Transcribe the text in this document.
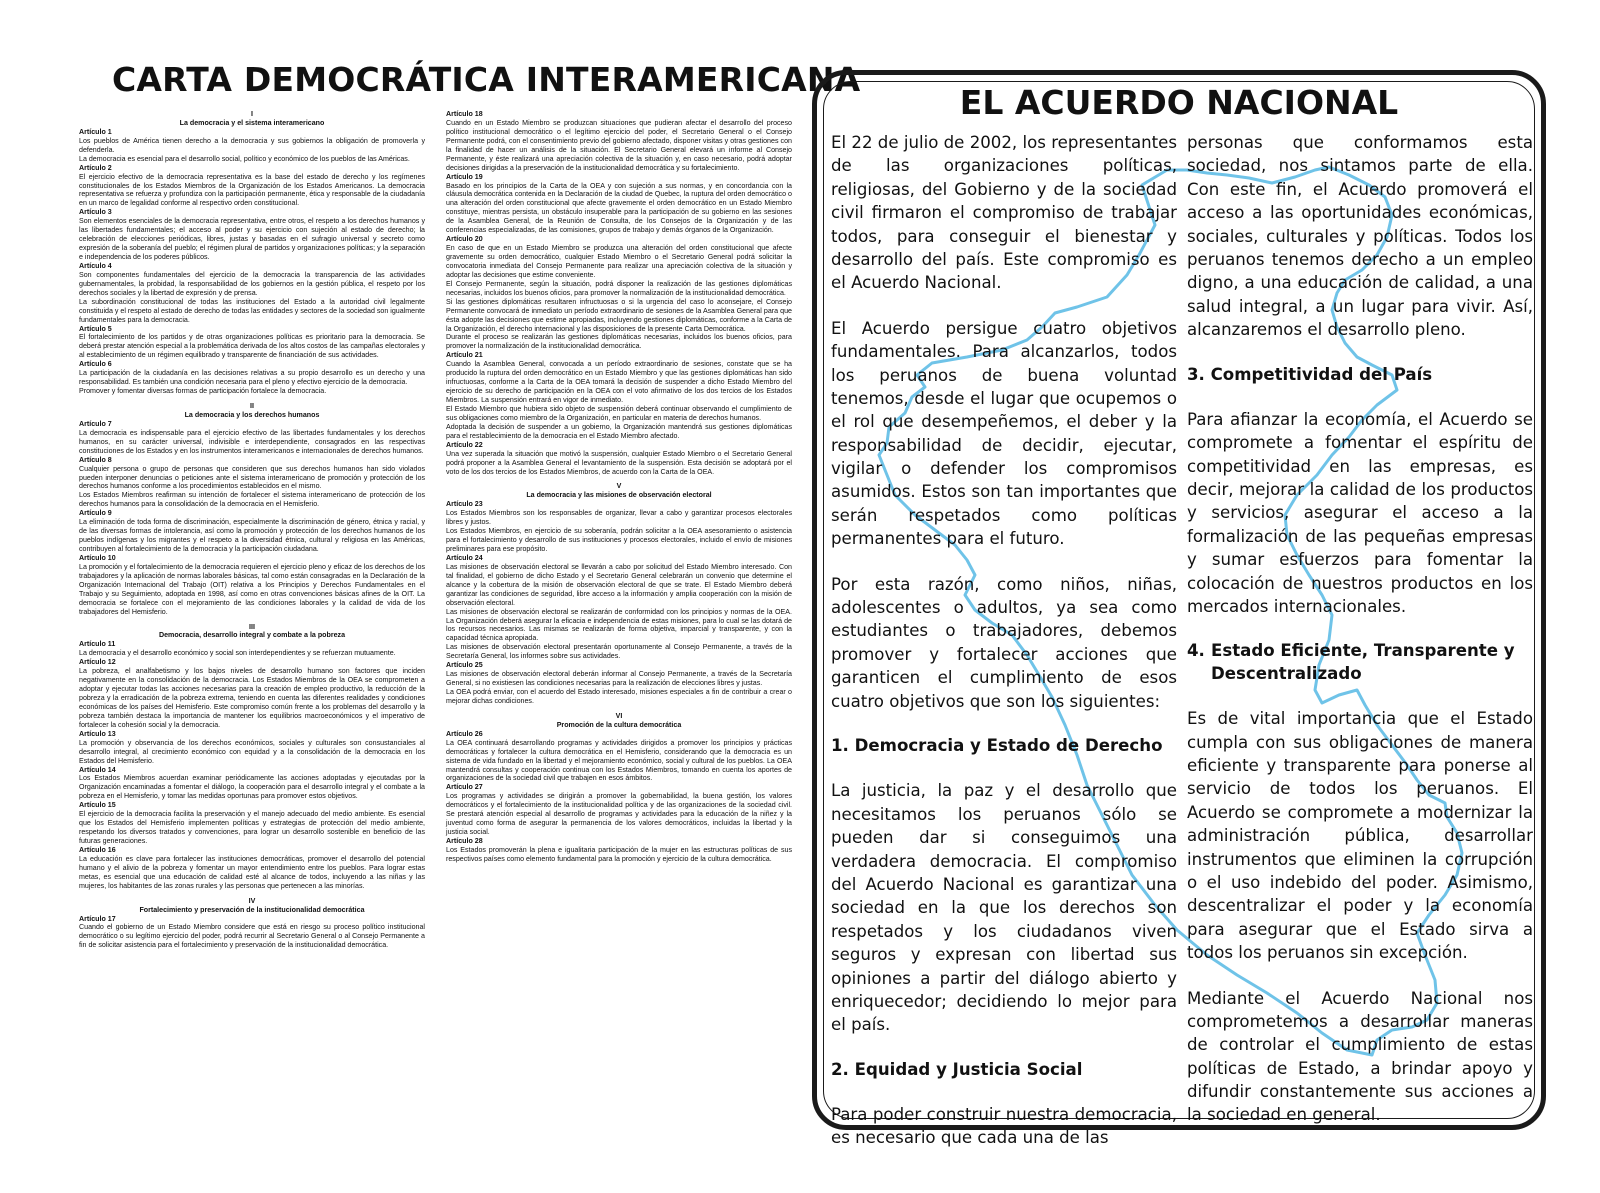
CARTA DEMOCRÁTICA INTERAMERICANA
I
La democracia y el sistema interamericano
Artículo 1

Los pueblos de América tienen derecho a la democracia y sus gobiernos la obligación de promoverla y defenderla.

La democracia es esencial para el desarrollo social, político y económico de los pueblos de las Américas.

Artículo 2

El ejercicio efectivo de la democracia representativa es la base del estado de derecho y los regímenes constitucionales de los Estados Miembros de la Organización de los Estados Americanos. La democracia representativa se refuerza y profundiza con la participación permanente, ética y responsable de la ciudadanía en un marco de legalidad conforme al respectivo orden constitucional.

Artículo 3

Son elementos esenciales de la democracia representativa, entre otros, el respeto a los derechos humanos y las libertades fundamentales; el acceso al poder y su ejercicio con sujeción al estado de derecho; la celebración de elecciones periódicas, libres, justas y basadas en el sufragio universal y secreto como expresión de la soberanía del pueblo; el régimen plural de partidos y organizaciones políticas; y la separación e independencia de los poderes públicos.

Artículo 4

Son componentes fundamentales del ejercicio de la democracia la transparencia de las actividades gubernamentales, la probidad, la responsabilidad de los gobiernos en la gestión pública, el respeto por los derechos sociales y la libertad de expresión y de prensa.

La subordinación constitucional de todas las instituciones del Estado a la autoridad civil legalmente constituida y el respeto al estado de derecho de todas las entidades y sectores de la sociedad son igualmente fundamentales para la democracia.

Artículo 5

El fortalecimiento de los partidos y de otras organizaciones políticas es prioritario para la democracia. Se deberá prestar atención especial a la problemática derivada de los altos costos de las campañas electorales y al establecimiento de un régimen equilibrado y transparente de financiación de sus actividades.

Artículo 6

La participación de la ciudadanía en las decisiones relativas a su propio desarrollo es un derecho y una responsabilidad. Es también una condición necesaria para el pleno y efectivo ejercicio de la democracia.

Promover y fomentar diversas formas de participación fortalece la democracia.

II
La democracia y los derechos humanos
Artículo 7

La democracia es indispensable para el ejercicio efectivo de las libertades fundamentales y los derechos humanos, en su carácter universal, indivisible e interdependiente, consagrados en las respectivas constituciones de los Estados y en los instrumentos interamericanos e internacionales de derechos humanos.

Artículo 8

Cualquier persona o grupo de personas que consideren que sus derechos humanos han sido violados pueden interponer denuncias o peticiones ante el sistema interamericano de promoción y protección de los derechos humanos conforme a los procedimientos establecidos en el mismo.

Los Estados Miembros reafirman su intención de fortalecer el sistema interamericano de protección de los derechos humanos para la consolidación de la democracia en el Hemisferio.

Artículo 9

La eliminación de toda forma de discriminación, especialmente la discriminación de género, étnica y racial, y de las diversas formas de intolerancia, así como la promoción y protección de los derechos humanos de los pueblos indígenas y los migrantes y el respeto a la diversidad étnica, cultural y religiosa en las Américas, contribuyen al fortalecimiento de la democracia y la participación ciudadana.

Artículo 10

La promoción y el fortalecimiento de la democracia requieren el ejercicio pleno y eficaz de los derechos de los trabajadores y la aplicación de normas laborales básicas, tal como están consagradas en la Declaración de la Organización Internacional del Trabajo (OIT) relativa a los Principios y Derechos Fundamentales en el Trabajo y su Seguimiento, adoptada en 1998, así como en otras convenciones básicas afines de la OIT. La democracia se fortalece con el mejoramiento de las condiciones laborales y la calidad de vida de los trabajadores del Hemisferio.

III
Democracia, desarrollo integral y combate a la pobreza
Artículo 11

La democracia y el desarrollo económico y social son interdependientes y se refuerzan mutuamente.

Artículo 12

La pobreza, el analfabetismo y los bajos niveles de desarrollo humano son factores que inciden negativamente en la consolidación de la democracia. Los Estados Miembros de la OEA se comprometen a adoptar y ejecutar todas las acciones necesarias para la creación de empleo productivo, la reducción de la pobreza y la erradicación de la pobreza extrema, teniendo en cuenta las diferentes realidades y condiciones económicas de los países del Hemisferio. Este compromiso común frente a los problemas del desarrollo y la pobreza también destaca la importancia de mantener los equilibrios macroeconómicos y el imperativo de fortalecer la cohesión social y la democracia.

Artículo 13

La promoción y observancia de los derechos económicos, sociales y culturales son consustanciales al desarrollo integral, al crecimiento económico con equidad y a la consolidación de la democracia en los Estados del Hemisferio.

Artículo 14

Los Estados Miembros acuerdan examinar periódicamente las acciones adoptadas y ejecutadas por la Organización encaminadas a fomentar el diálogo, la cooperación para el desarrollo integral y el combate a la pobreza en el Hemisferio, y tomar las medidas oportunas para promover estos objetivos.

Artículo 15

El ejercicio de la democracia facilita la preservación y el manejo adecuado del medio ambiente. Es esencial que los Estados del Hemisferio implementen políticas y estrategias de protección del medio ambiente, respetando los diversos tratados y convenciones, para lograr un desarrollo sostenible en beneficio de las futuras generaciones.

Artículo 16

La educación es clave para fortalecer las instituciones democráticas, promover el desarrollo del potencial humano y el alivio de la pobreza y fomentar un mayor entendimiento entre los pueblos. Para lograr estas metas, es esencial que una educación de calidad esté al alcance de todos, incluyendo a las niñas y las mujeres, los habitantes de las zonas rurales y las personas que pertenecen a las minorías.

IV
Fortalecimiento y preservación de la institucionalidad democrática
Artículo 17

Cuando el gobierno de un Estado Miembro considere que está en riesgo su proceso político institucional democrático o su legítimo ejercicio del poder, podrá recurrir al Secretario General o al Consejo Permanente a fin de solicitar asistencia para el fortalecimiento y preservación de la institucionalidad democrática.

Artículo 18

Cuando en un Estado Miembro se produzcan situaciones que pudieran afectar el desarrollo del proceso político institucional democrático o el legítimo ejercicio del poder, el Secretario General o el Consejo Permanente podrá, con el consentimiento previo del gobierno afectado, disponer visitas y otras gestiones con la finalidad de hacer un análisis de la situación. El Secretario General elevará un informe al Consejo Permanente, y éste realizará una apreciación colectiva de la situación y, en caso necesario, podrá adoptar decisiones dirigidas a la preservación de la institucionalidad democrática y su fortalecimiento.

Artículo 19

Basado en los principios de la Carta de la OEA y con sujeción a sus normas, y en concordancia con la cláusula democrática contenida en la Declaración de la ciudad de Quebec, la ruptura del orden democrático o una alteración del orden constitucional que afecte gravemente el orden democrático en un Estado Miembro constituye, mientras persista, un obstáculo insuperable para la participación de su gobierno en las sesiones de la Asamblea General, de la Reunión de Consulta, de los Consejos de la Organización y de las conferencias especializadas, de las comisiones, grupos de trabajo y demás órganos de la Organización.

Artículo 20

En caso de que en un Estado Miembro se produzca una alteración del orden constitucional que afecte gravemente su orden democrático, cualquier Estado Miembro o el Secretario General podrá solicitar la convocatoria inmediata del Consejo Permanente para realizar una apreciación colectiva de la situación y adoptar las decisiones que estime conveniente.

El Consejo Permanente, según la situación, podrá disponer la realización de las gestiones diplomáticas necesarias, incluidos los buenos oficios, para promover la normalización de la institucionalidad democrática.

Si las gestiones diplomáticas resultaren infructuosas o si la urgencia del caso lo aconsejare, el Consejo Permanente convocará de inmediato un período extraordinario de sesiones de la Asamblea General para que ésta adopte las decisiones que estime apropiadas, incluyendo gestiones diplomáticas, conforme a la Carta de la Organización, el derecho internacional y las disposiciones de la presente Carta Democrática.

Durante el proceso se realizarán las gestiones diplomáticas necesarias, incluidos los buenos oficios, para promover la normalización de la institucionalidad democrática.

Artículo 21

Cuando la Asamblea General, convocada a un período extraordinario de sesiones, constate que se ha producido la ruptura del orden democrático en un Estado Miembro y que las gestiones diplomáticas han sido infructuosas, conforme a la Carta de la OEA tomará la decisión de suspender a dicho Estado Miembro del ejercicio de su derecho de participación en la OEA con el voto afirmativo de los dos tercios de los Estados Miembros. La suspensión entrará en vigor de inmediato.

El Estado Miembro que hubiera sido objeto de suspensión deberá continuar observando el cumplimiento de sus obligaciones como miembro de la Organización, en particular en materia de derechos humanos.

Adoptada la decisión de suspender a un gobierno, la Organización mantendrá sus gestiones diplomáticas para el restablecimiento de la democracia en el Estado Miembro afectado.

Artículo 22

Una vez superada la situación que motivó la suspensión, cualquier Estado Miembro o el Secretario General podrá proponer a la Asamblea General el levantamiento de la suspensión. Esta decisión se adoptará por el voto de los dos tercios de los Estados Miembros, de acuerdo con la Carta de la OEA.

V
La democracia y las misiones de observación electoral
Artículo 23

Los Estados Miembros son los responsables de organizar, llevar a cabo y garantizar procesos electorales libres y justos.

Los Estados Miembros, en ejercicio de su soberanía, podrán solicitar a la OEA asesoramiento o asistencia para el fortalecimiento y desarrollo de sus instituciones y procesos electorales, incluido el envío de misiones preliminares para ese propósito.

Artículo 24

Las misiones de observación electoral se llevarán a cabo por solicitud del Estado Miembro interesado. Con tal finalidad, el gobierno de dicho Estado y el Secretario General celebrarán un convenio que determine el alcance y la cobertura de la misión de observación electoral de que se trate. El Estado Miembro deberá garantizar las condiciones de seguridad, libre acceso a la información y amplia cooperación con la misión de observación electoral.

Las misiones de observación electoral se realizarán de conformidad con los principios y normas de la OEA. La Organización deberá asegurar la eficacia e independencia de estas misiones, para lo cual se las dotará de los recursos necesarios. Las mismas se realizarán de forma objetiva, imparcial y transparente, y con la capacidad técnica apropiada.

Las misiones de observación electoral presentarán oportunamente al Consejo Permanente, a través de la Secretaría General, los informes sobre sus actividades.

Artículo 25

Las misiones de observación electoral deberán informar al Consejo Permanente, a través de la Secretaría General, si no existiesen las condiciones necesarias para la realización de elecciones libres y justas.

La OEA podrá enviar, con el acuerdo del Estado interesado, misiones especiales a fin de contribuir a crear o mejorar dichas condiciones.

VI
Promoción de la cultura democrática
Artículo 26

La OEA continuará desarrollando programas y actividades dirigidos a promover los principios y prácticas democráticas y fortalecer la cultura democrática en el Hemisferio, considerando que la democracia es un sistema de vida fundado en la libertad y el mejoramiento económico, social y cultural de los pueblos. La OEA mantendrá consultas y cooperación continua con los Estados Miembros, tomando en cuenta los aportes de organizaciones de la sociedad civil que trabajen en esos ámbitos.

Artículo 27

Los programas y actividades se dirigirán a promover la gobernabilidad, la buena gestión, los valores democráticos y el fortalecimiento de la institucionalidad política y de las organizaciones de la sociedad civil. Se prestará atención especial al desarrollo de programas y actividades para la educación de la niñez y la juventud como forma de asegurar la permanencia de los valores democráticos, incluidas la libertad y la justicia social.

Artículo 28

Los Estados promoverán la plena e igualitaria participación de la mujer en las estructuras políticas de sus respectivos países como elemento fundamental para la promoción y ejercicio de la cultura democrática.

EL ACUERDO NACIONAL

El 22 de julio de 2002, los representantes de las organizaciones políticas, religiosas, del Gobierno y de la sociedad civil firmaron el compromiso de trabajar todos, para conseguir el bienestar y desarrollo del país. Este compromiso es el Acuerdo Nacional.

El Acuerdo persigue cuatro objetivos fundamentales. Para alcanzarlos, todos los peruanos de buena voluntad tenemos, desde el lugar que ocupemos o el rol que desempeñemos, el deber y la responsabilidad de decidir, ejecutar, vigilar o defender los compromisos asumidos. Estos son tan importantes que serán respetados como políticas permanentes para el futuro.

Por esta razón, como niños, niñas, adolescentes o adultos, ya sea como estudiantes o trabajadores, debemos promover y fortalecer acciones que garanticen el cumplimiento de esos cuatro objetivos que son los siguientes:

1. Democracia y Estado de Derecho

La justicia, la paz y el desarrollo que necesitamos los peruanos sólo se pueden dar si conseguimos una verdadera democracia. El compromiso del Acuerdo Nacional es garantizar una sociedad en la que los derechos son respetados y los ciudadanos viven seguros y expresan con libertad sus opiniones a partir del diálogo abierto y enriquecedor; decidiendo lo mejor para el país.

2. Equidad y Justicia Social

Para poder construir nuestra democracia, es necesario que cada una de las

personas que conformamos esta sociedad, nos sintamos parte de ella. Con este fin, el Acuerdo promoverá el acceso a las oportunidades económicas, sociales, culturales y políticas. Todos los peruanos tenemos derecho a un empleo digno, a una educación de calidad, a una salud integral, a un lugar para vivir. Así, alcanzaremos el desarrollo pleno.

3. Competitividad del País

Para afianzar la economía, el Acuerdo se compromete a fomentar el espíritu de competitividad en las empresas, es decir, mejorar la calidad de los productos y servicios, asegurar el acceso a la formalización de las pequeñas empresas y sumar esfuerzos para fomentar la colocación de nuestros productos en los mercados internacionales.

4. Estado Eficiente, Transparente y Descentralizado

Es de vital importancia que el Estado cumpla con sus obligaciones de manera eficiente y transparente para ponerse al servicio de todos los peruanos. El Acuerdo se compromete a modernizar la administración pública, desarrollar instrumentos que eliminen la corrupción o el uso indebido del poder. Asimismo, descentralizar el poder y la economía para asegurar que el Estado sirva a todos los peruanos sin excepción.

Mediante el Acuerdo Nacional nos comprometemos a desarrollar maneras de controlar el cumplimiento de estas políticas de Estado, a brindar apoyo y difundir constantemente sus acciones a la sociedad en general.
